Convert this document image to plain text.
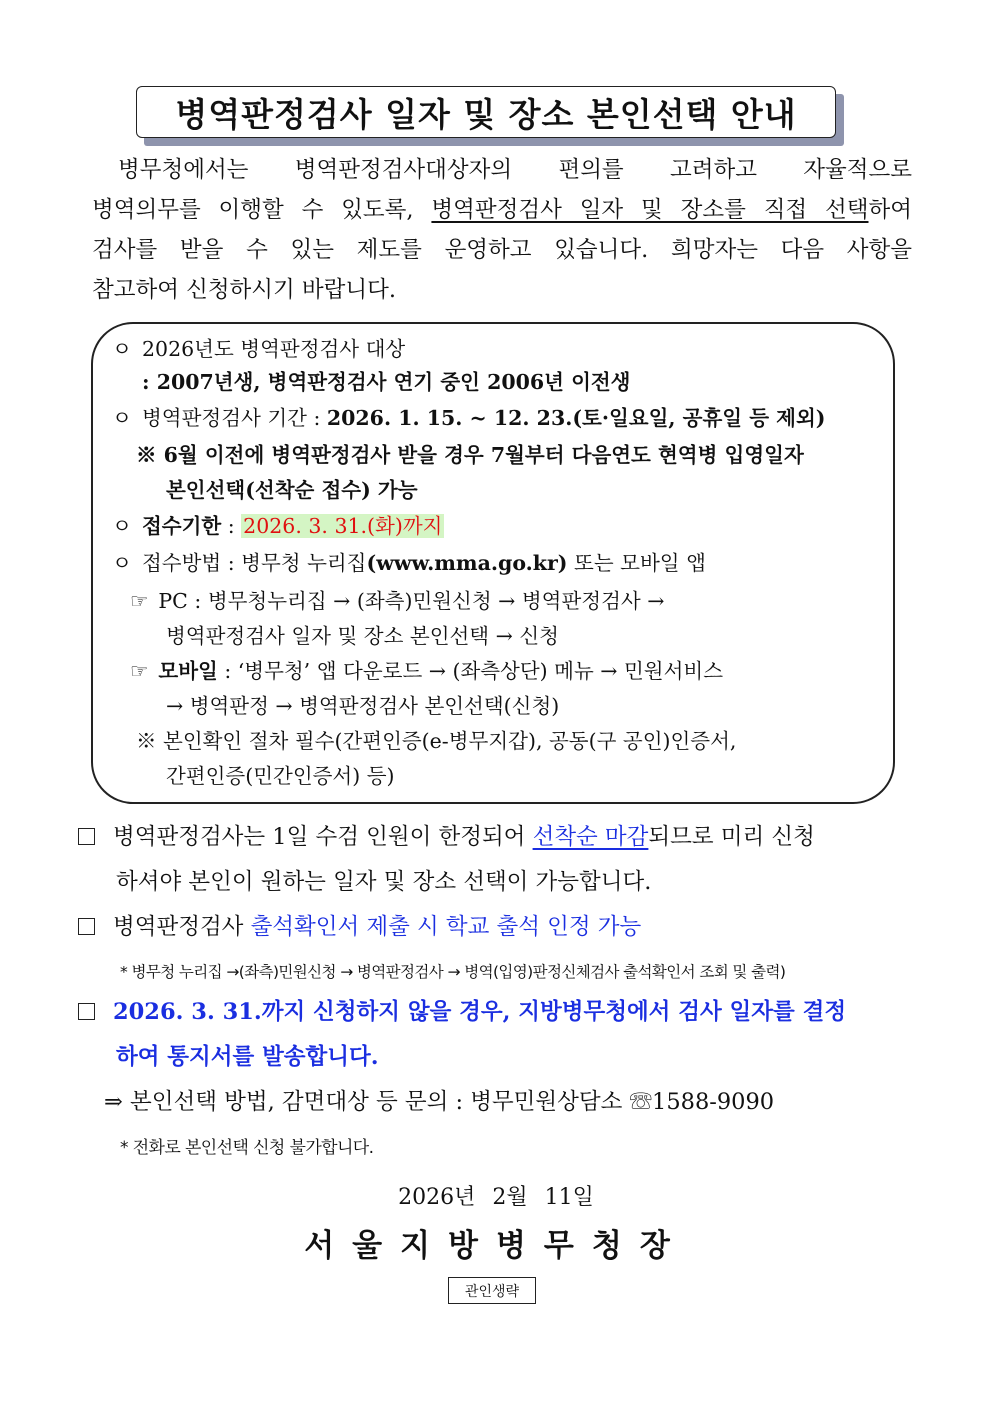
병역판정검사 일자 및 장소 본인선택 안내
병무청에서는 병역판정검사대상자의 편의를 고려하고 자율적으로
병역의무를 이행할 수 있도록, 병역판정검사 일자 및 장소를 직접 선택하여
검사를 받을 수 있는 제도를 운영하고 있습니다. 희망자는 다음 사항을
참고하여 신청하시기 바랍니다.
ㅇ 2026년도 병역판정검사 대상
: 2007년생, 병역판정검사 연기 중인 2006년 이전생
ㅇ 병역판정검사 기간 : 2026. 1. 15. ~ 12. 23.(토·일요일, 공휴일 등 제외)
※ 6월 이전에 병역판정검사 받을 경우 7월부터 다음연도 현역병 입영일자
본인선택(선착순 접수) 가능
ㅇ 접수기한 : 2026. 3. 31.(화)까지
ㅇ 접수방법 : 병무청 누리집(www.mma.go.kr) 또는 모바일 앱
☞ PC : 병무청누리집 → (좌측)민원신청 → 병역판정검사 →
병역판정검사 일자 및 장소 본인선택 → 신청
☞ 모바일 : ‘병무청’ 앱 다운로드 → (좌측상단) 메뉴 → 민원서비스
→ 병역판정 → 병역판정검사 본인선택(신청)
※ 본인확인 절차 필수(간편인증(e-병무지갑), 공동(구 공인)인증서,
간편인증(민간인증서) 등)
병역판정검사는 1일 수검 인원이 한정되어 선착순 마감되므로 미리 신청
하셔야 본인이 원하는 일자 및 장소 선택이 가능합니다.
병역판정검사 출석확인서 제출 시 학교 출석 인정 가능
* 병무청 누리집 →(좌측)민원신청 → 병역판정검사 → 병역(입영)판정신체검사 출석확인서 조회 및 출력)
2026. 3. 31.까지 신청하지 않을 경우, 지방병무청에서 검사 일자를 결정
하여 통지서를 발송합니다.
⇒ 본인선택 방법, 감면대상 등 문의 : 병무민원상담소 ☏1588-9090
* 전화로 본인선택 신청 불가합니다.
2026년 2월 11일
서울지방병무청장
관인생략
